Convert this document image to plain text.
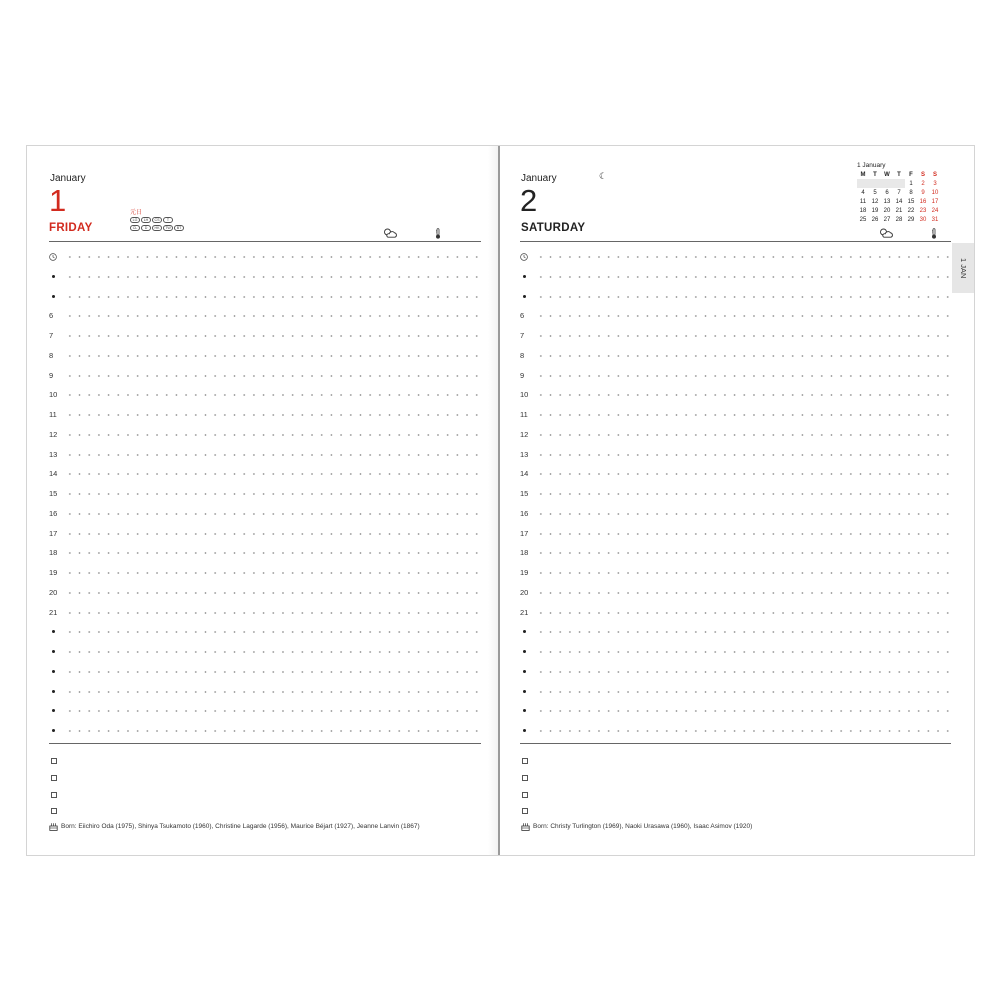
January
1
FRIDAY
元日
LG	LH	CS	T
CL	D	HK	TW	BT
6
7
8
9
10
11
12
13
14
15
16
17
18
19
20
21
Born: Eiichiro Oda (1975), Shinya Tsukamoto (1960), Christine Lagarde (1956), Maurice Béjart (1927), Jeanne Lanvin (1867)
January
2
SATURDAY
☾
1 January
M	T	W	T	F	S	S
				1	2	3
4	5	6	7	8	9	10
11	12	13	14	15	16	17
18	19	20	21	22	23	24
25	26	27	28	29	30	31
6
7
8
9
10
11
12
13
14
15
16
17
18
19
20
21
Born: Christy Turlington (1969), Naoki Urasawa (1960), Isaac Asimov (1920)
1 JAN
